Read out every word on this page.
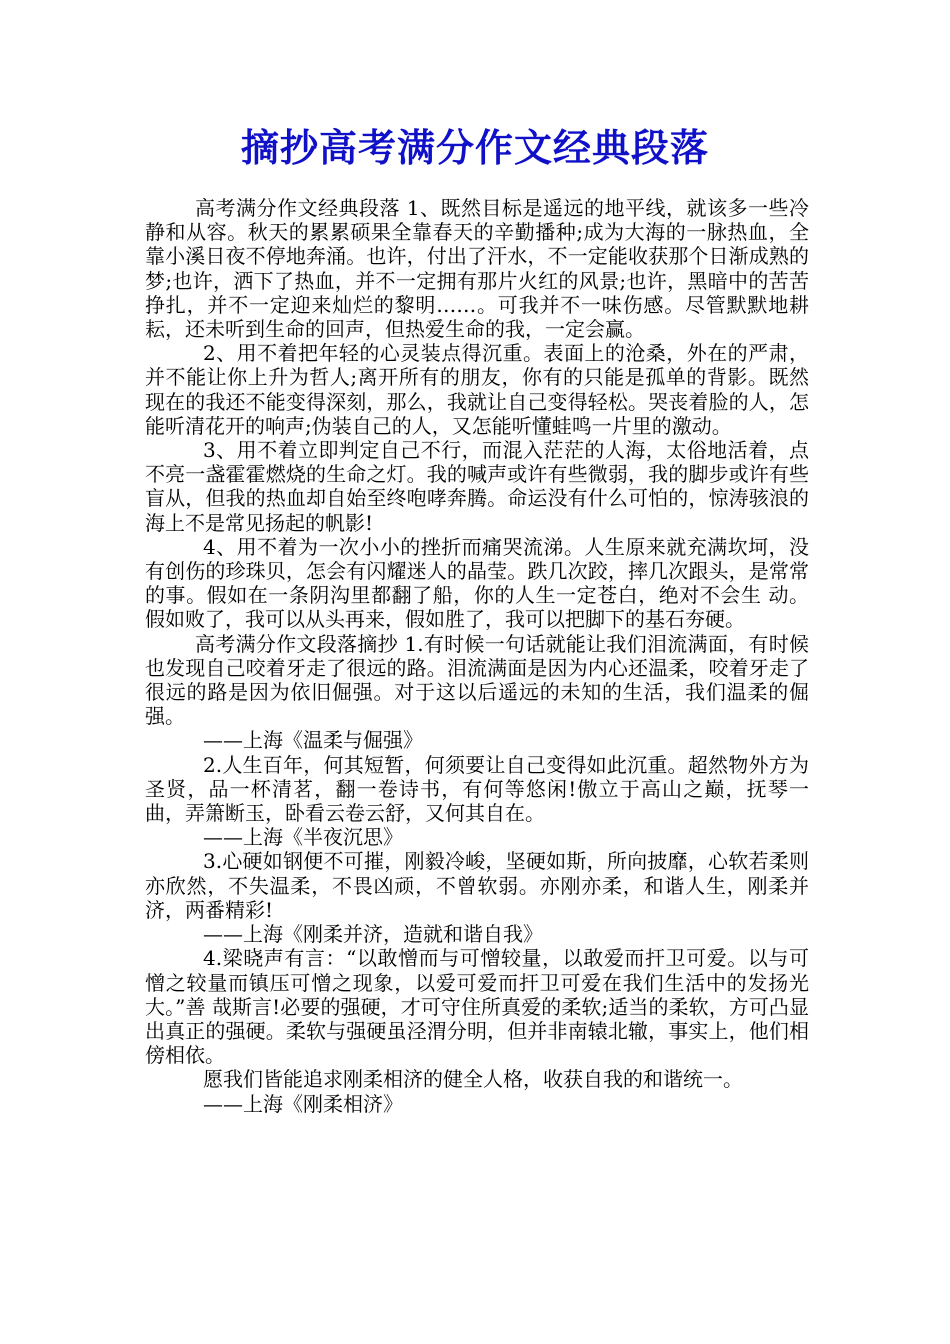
摘抄高考满分作文经典段落

高考满分作文经典段落 1、既然目标是遥远的地平线，就该多一些冷静和从容。秋天的累累硕果全靠春天的辛勤播种;成为大海的一脉热血，全靠小溪日夜不停地奔涌。也许，付出了汗水，不一定能收获那个日渐成熟的梦;也许，洒下了热血，并不一定拥有那片火红的风景;也许，黑暗中的苦苦挣扎，并不一定迎来灿烂的黎明……。可我并不一味伤感。尽管默默地耕耘，还未听到生命的回声，但热爱生命的我，一定会赢。

2、用不着把年轻的心灵装点得沉重。表面上的沧桑，外在的严肃，并不能让你上升为哲人;离开所有的朋友，你有的只能是孤单的背影。既然现在的我还不能变得深刻，那么，我就让自己变得轻松。哭丧着脸的人，怎能听清花开的响声;伪装自己的人，又怎能听懂蛙鸣一片里的激动。

3、用不着立即判定自己不行，而混入茫茫的人海，太俗地活着，点不亮一盏霍霍燃烧的生命之灯。我的喊声或许有些微弱，我的脚步或许有些盲从，但我的热血却自始至终咆哮奔腾。命运没有什么可怕的，惊涛骇浪的海上不是常见扬起的帆影!

4、用不着为一次小小的挫折而痛哭流涕。人生原来就充满坎坷，没有创伤的珍珠贝，怎会有闪耀迷人的晶莹。跌几次跤，摔几次跟头，是常常的事。假如在一条阴沟里都翻了船，你的人生一定苍白，绝对不会生 动。假如败了，我可以从头再来，假如胜了，我可以把脚下的基石夯硬。

高考满分作文段落摘抄 1.有时候一句话就能让我们泪流满面，有时候也发现自己咬着牙走了很远的路。泪流满面是因为内心还温柔，咬着牙走了很远的路是因为依旧倔强。对于这以后遥远的未知的生活，我们温柔的倔强。

——上海《温柔与倔强》

2.人生百年，何其短暂，何须要让自己变得如此沉重。超然物外方为圣贤，品一杯清茗，翻一卷诗书，有何等悠闲!傲立于高山之巅，抚琴一曲，弄箫断玉，卧看云卷云舒，又何其自在。

——上海《半夜沉思》

3.心硬如钢便不可摧，刚毅冷峻，坚硬如斯，所向披靡，心软若柔则亦欣然，不失温柔，不畏凶顽，不曾软弱。亦刚亦柔，和谐人生，刚柔并济，两番精彩!

——上海《刚柔并济，造就和谐自我》

4.梁晓声有言：“以敢憎而与可憎较量，以敢爱而扞卫可爱。以与可憎之较量而镇压可憎之现象，以爱可爱而扞卫可爱在我们生活中的发扬光大。”善 哉斯言!必要的强硬，才可守住所真爱的柔软;适当的柔软，方可凸显出真正的强硬。柔软与强硬虽泾渭分明，但并非南辕北辙，事实上，他们相傍相依。

愿我们皆能追求刚柔相济的健全人格，收获自我的和谐统一。

——上海《刚柔相济》
